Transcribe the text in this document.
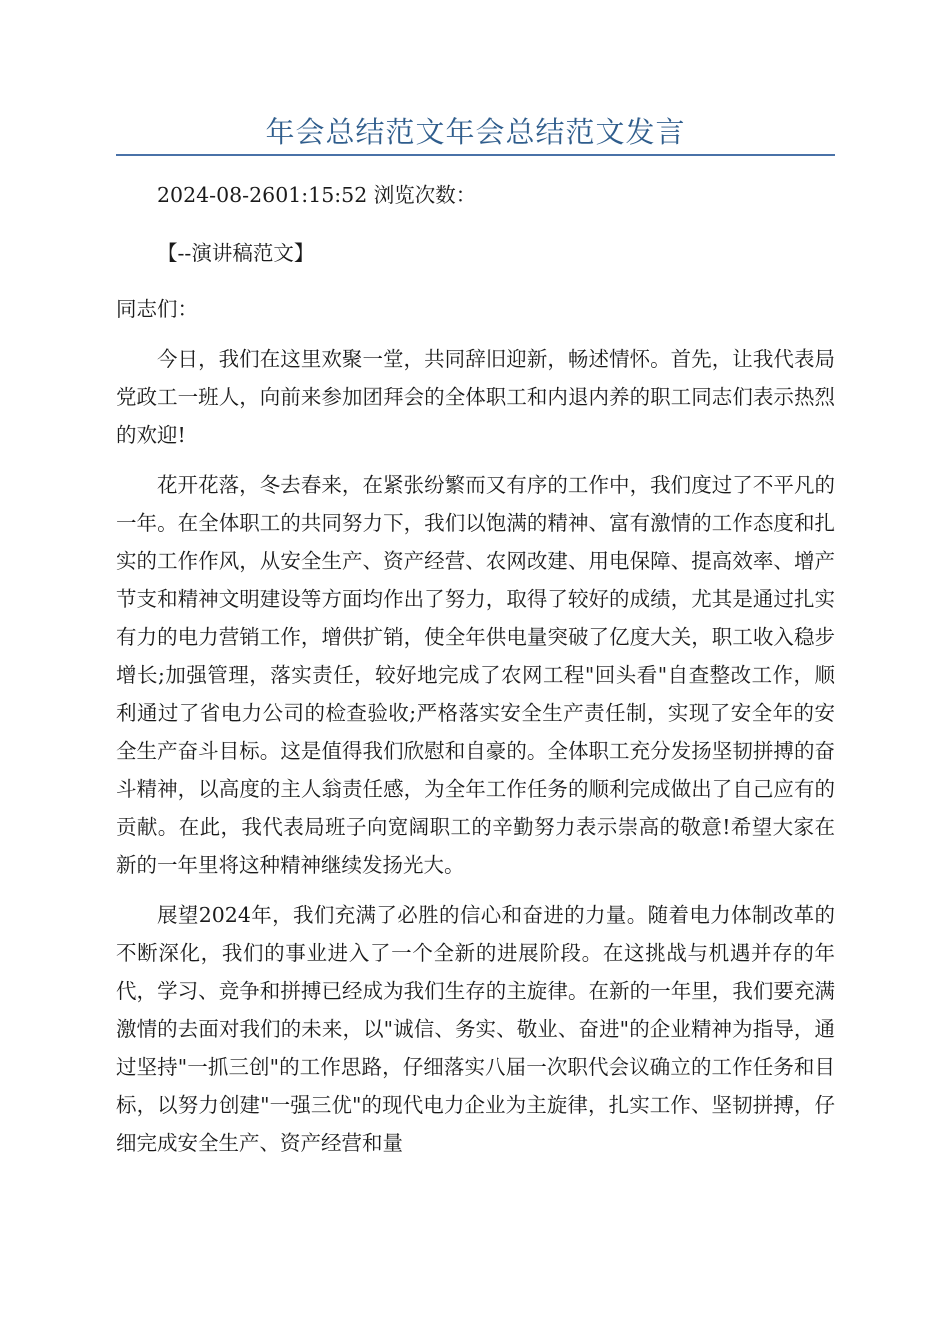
年会总结范文年会总结范文发言

2024-08-2601:15:52 浏览次数：

【--演讲稿范文】

同志们：

今日，我们在这里欢聚一堂，共同辞旧迎新，畅述情怀。首先，让我代表局党政工一班人，向前来参加团拜会的全体职工和内退内养的职工同志们表示热烈的欢迎!

花开花落，冬去春来，在紧张纷繁而又有序的工作中，我们度过了不平凡的一年。在全体职工的共同努力下，我们以饱满的精神、富有激情的工作态度和扎实的工作作风，从安全生产、资产经营、农网改建、用电保障、提高效率、增产节支和精神文明建设等方面均作出了努力，取得了较好的成绩，尤其是通过扎实有力的电力营销工作，增供扩销，使全年供电量突破了亿度大关，职工收入稳步增长;加强管理，落实责任，较好地完成了农网工程"回头看"自查整改工作，顺利通过了省电力公司的检查验收;严格落实安全生产责任制，实现了安全年的安全生产奋斗目标。这是值得我们欣慰和自豪的。全体职工充分发扬坚韧拼搏的奋斗精神，以高度的主人翁责任感，为全年工作任务的顺利完成做出了自己应有的贡献。在此，我代表局班子向宽阔职工的辛勤努力表示崇高的敬意!希望大家在新的一年里将这种精神继续发扬光大。

展望2024年，我们充满了必胜的信心和奋进的力量。随着电力体制改革的不断深化，我们的事业进入了一个全新的进展阶段。在这挑战与机遇并存的年代，学习、竞争和拼搏已经成为我们生存的主旋律。在新的一年里，我们要充满激情的去面对我们的未来，以"诚信、务实、敬业、奋进"的企业精神为指导，通过坚持"一抓三创"的工作思路，仔细落实八届一次职代会议确立的工作任务和目标，以努力创建"一强三优"的现代电力企业为主旋律，扎实工作、坚韧拼搏，仔细完成安全生产、资产经营和量
